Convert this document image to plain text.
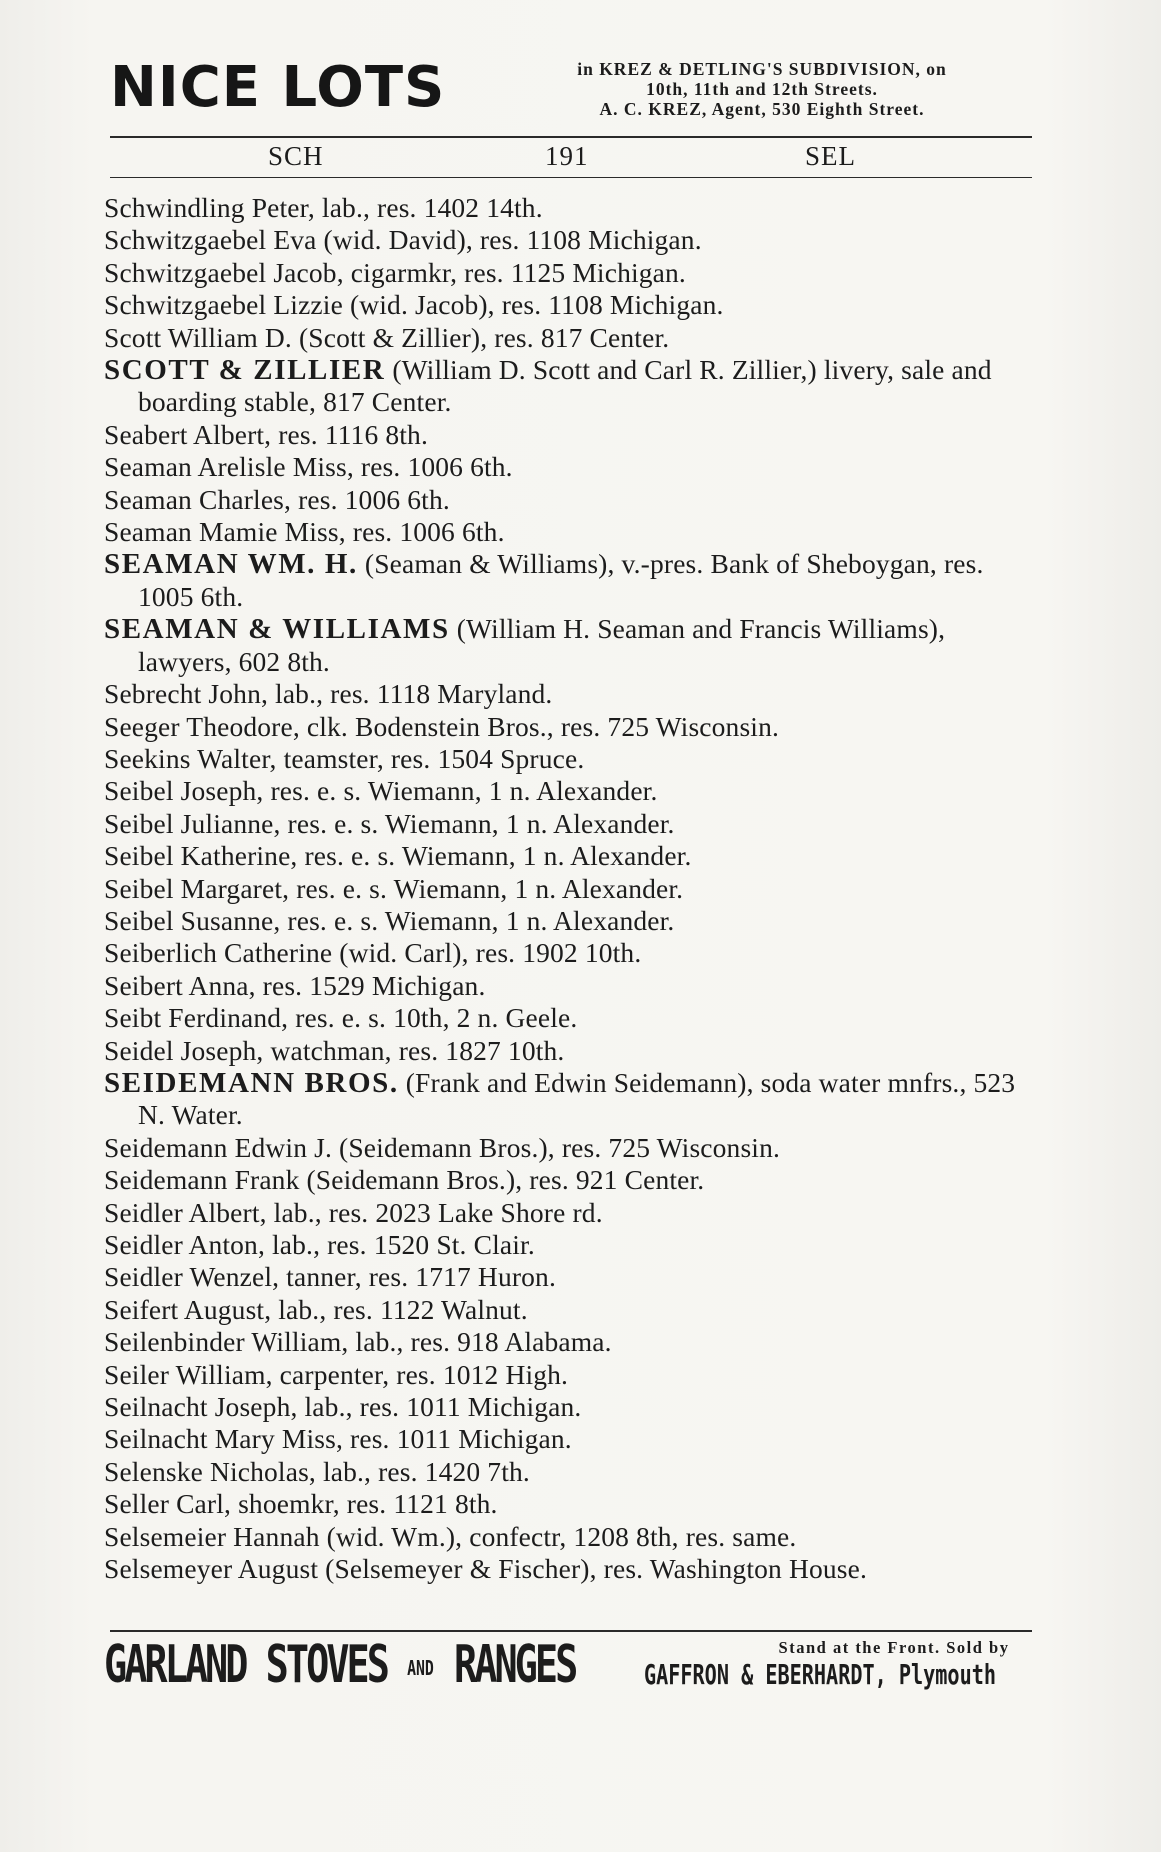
NICE LOTS	in KREZ & DETLING'S SUBDIVISION, on
10th, 11th and 12th Streets.
A. C. KREZ, Agent, 530 Eighth Street.
SCH	191	SEL
Schwindling Peter, lab., res. 1402 14th.
Schwitzgaebel Eva (wid. David), res. 1108 Michigan.
Schwitzgaebel Jacob, cigarmkr, res. 1125 Michigan.
Schwitzgaebel Lizzie (wid. Jacob), res. 1108 Michigan.
Scott William D. (Scott & Zillier), res. 817 Center.
SCOTT & ZILLIER (William D. Scott and Carl R. Zillier,) livery, sale and boarding stable, 817 Center.
Seabert Albert, res. 1116 8th.
Seaman Arelisle Miss, res. 1006 6th.
Seaman Charles, res. 1006 6th.
Seaman Mamie Miss, res. 1006 6th.
SEAMAN WM. H. (Seaman & Williams), v.-pres. Bank of Sheboygan, res. 1005 6th.
SEAMAN & WILLIAMS (William H. Seaman and Francis Williams), lawyers, 602 8th.
Sebrecht John, lab., res. 1118 Maryland.
Seeger Theodore, clk. Bodenstein Bros., res. 725 Wisconsin.
Seekins Walter, teamster, res. 1504 Spruce.
Seibel Joseph, res. e. s. Wiemann, 1 n. Alexander.
Seibel Julianne, res. e. s. Wiemann, 1 n. Alexander.
Seibel Katherine, res. e. s. Wiemann, 1 n. Alexander.
Seibel Margaret, res. e. s. Wiemann, 1 n. Alexander.
Seibel Susanne, res. e. s. Wiemann, 1 n. Alexander.
Seiberlich Catherine (wid. Carl), res. 1902 10th.
Seibert Anna, res. 1529 Michigan.
Seibt Ferdinand, res. e. s. 10th, 2 n. Geele.
Seidel Joseph, watchman, res. 1827 10th.
SEIDEMANN BROS. (Frank and Edwin Seidemann), soda water mnfrs., 523 N. Water.
Seidemann Edwin J. (Seidemann Bros.), res. 725 Wisconsin.
Seidemann Frank (Seidemann Bros.), res. 921 Center.
Seidler Albert, lab., res. 2023 Lake Shore rd.
Seidler Anton, lab., res. 1520 St. Clair.
Seidler Wenzel, tanner, res. 1717 Huron.
Seifert August, lab., res. 1122 Walnut.
Seilenbinder William, lab., res. 918 Alabama.
Seiler William, carpenter, res. 1012 High.
Seilnacht Joseph, lab., res. 1011 Michigan.
Seilnacht Mary Miss, res. 1011 Michigan.
Selenske Nicholas, lab., res. 1420 7th.
Seller Carl, shoemkr, res. 1121 8th.
Selsemeier Hannah (wid. Wm.), confectr, 1208 8th, res. same.
Selsemeyer August (Selsemeyer & Fischer), res. Washington House.
GARLAND STOVES AND RANGES	Stand at the Front. Sold by
GAFFRON & EBERHARDT, Plymouth
